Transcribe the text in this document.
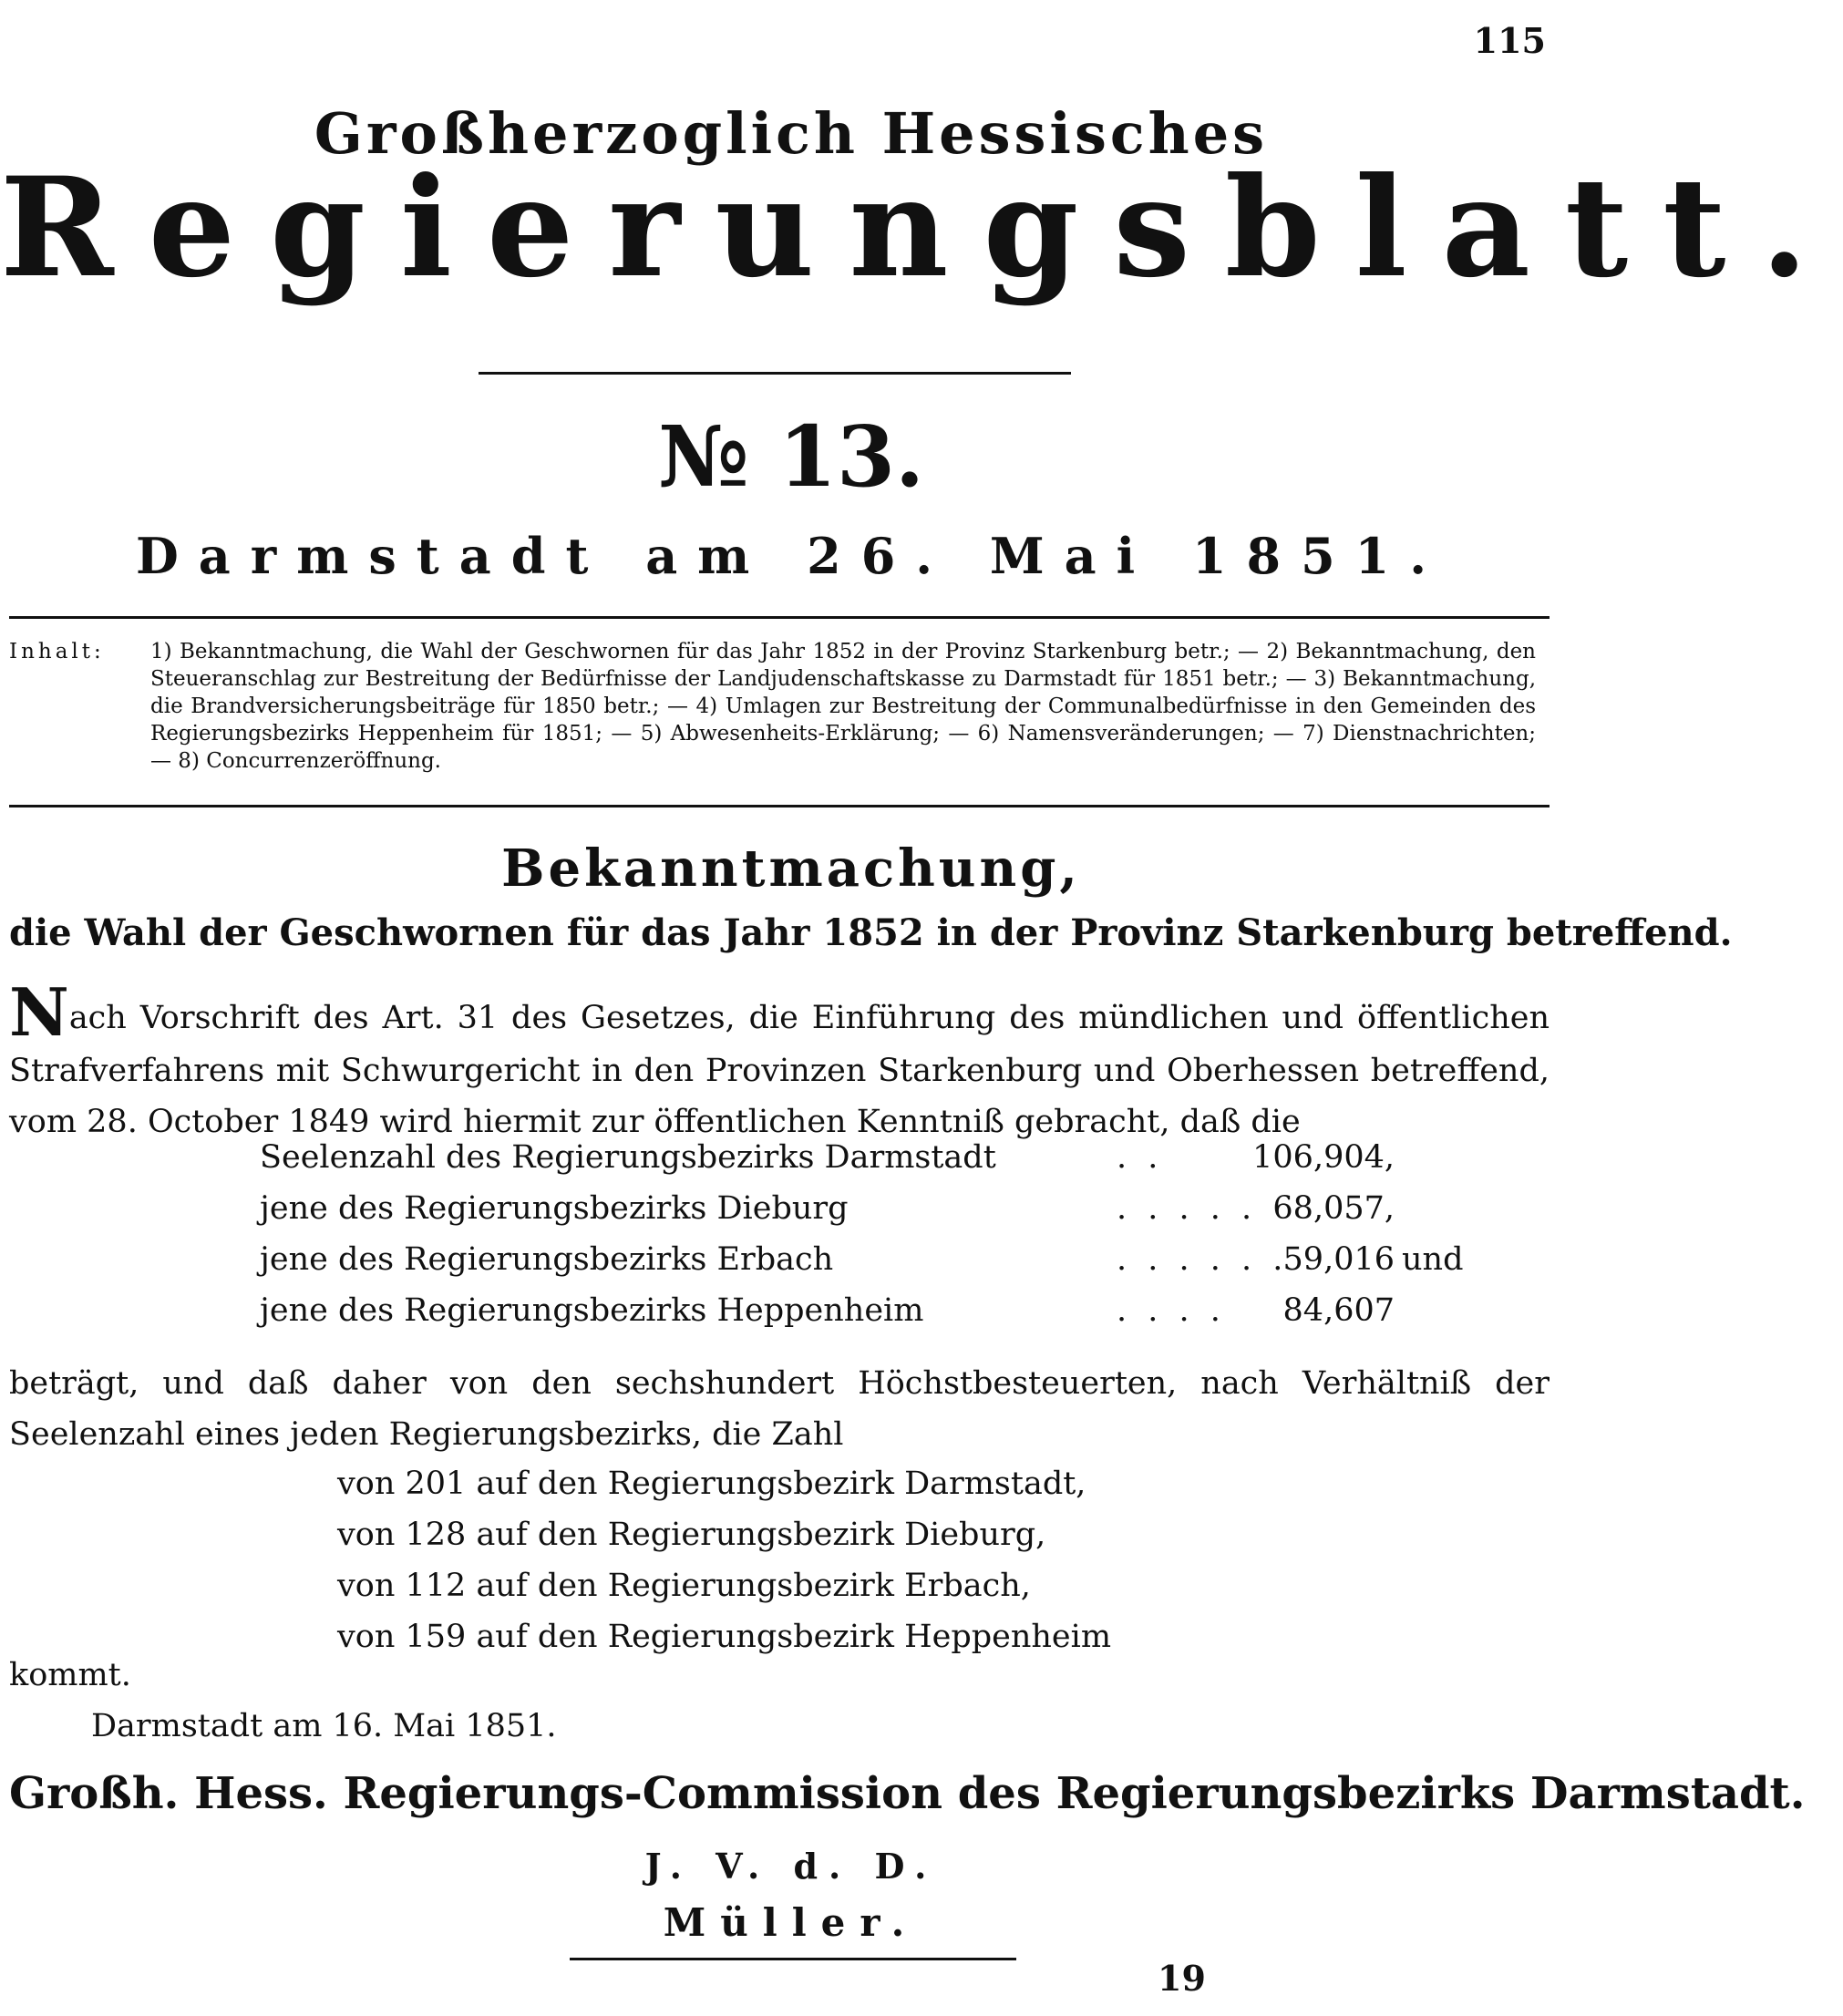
115
Großherzoglich Hessisches
Regierungsblatt.
№ 13.
Darmstadt am 26. Mai 1851.
Inhalt: 1) Bekanntmachung, die Wahl der Geschwornen für das Jahr 1852 in der Provinz Starkenburg betr.; — 2) Bekanntmachung, den Steueranschlag zur Bestreitung der Bedürfnisse der Landjudenschaftskasse zu Darmstadt für 1851 betr.; — 3) Bekanntmachung, die Brandversicherungsbeiträge für 1850 betr.; — 4) Umlagen zur Bestreitung der Communalbedürfnisse in den Gemeinden des Regierungsbezirks Heppenheim für 1851; — 5) Abwesenheits-Erklärung; — 6) Namensveränderungen; — 7) Dienstnachrichten; — 8) Concurrenzeröffnung.
Bekanntmachung,
die Wahl der Geschwornen für das Jahr 1852 in der Provinz Starkenburg betreffend.
Nach Vorschrift des Art. 31 des Gesetzes, die Einführung des mündlichen und öffentlichen Strafverfahrens mit Schwurgericht in den Provinzen Starkenburg und Oberhessen betreffend, vom 28. October 1849 wird hiermit zur öffentlichen Kenntniß gebracht, daß die
Seelenzahl des Regierungsbezirks Darmstadt	. .	106,904,
jene des Regierungsbezirks Dieburg	. . . . . 68,057,
jene des Regierungsbezirks Erbach	. . . . . .59,016 und
jene des Regierungsbezirks Heppenheim	. . . . 84,607
beträgt, und daß daher von den sechshundert Höchstbesteuerten, nach Verhältniß der Seelenzahl eines jeden Regierungsbezirks, die Zahl
von 201 auf den Regierungsbezirk Darmstadt,
von 128 auf den Regierungsbezirk Dieburg,
von 112 auf den Regierungsbezirk Erbach,
von 159 auf den Regierungsbezirk Heppenheim
kommt.
Darmstadt am 16. Mai 1851.
Großh. Hess. Regierungs-Commission des Regierungsbezirks Darmstadt.
J. V. d. D.
Müller.
19
